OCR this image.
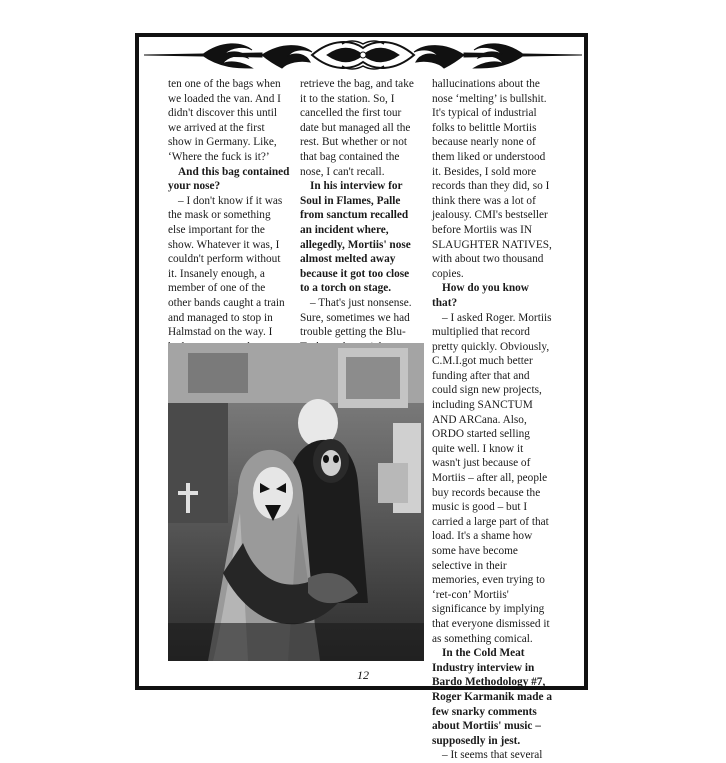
ten one of the bags when we loaded the van. And I didn't discover this until we arrived at the first show in Germany. Like, ‘Where the fuck is it?’

And this bag contained your nose?

– I don't know if it was the mask or something else important for the show. Whatever it was, I couldn't perform without it. Insanely enough, a member of one of the other bands caught a train and managed to stop in Halmstad on the way. I

retrieve the bag, and take it to the station. So, I cancelled the first tour date but managed all the rest. But whether or not that bag contained the nose, I can't recall.

In his interview for Soul in Flames, Palle from sanctum recalled an incident where, allegedly, Mortiis' nose almost melted away because it got too close to a torch on stage.

– That's just nonsense. Sure, sometimes we had trouble getting the Blu-

hallucinations about the nose ‘melting’ is bullshit. It's typical of industrial folks to belittle Mortiis because nearly none of them liked or understood it. Besides, I sold more records than they did, so I think there was a lot of jealousy. CMI's bestseller before Mortiis was IN SLAUGHTER NATIVES, with about two thousand copies.

How do you know that?

– I asked Roger. Mortiis multiplied that record pretty quickly. Obviously, C.M.I.got much better funding after that and could sign new projects, including SANCTUM AND ARCana. Also, ORDO started selling quite well. I know it wasn't just because of Mortiis – after all, people buy records because the music is good – but I carried a large part of that load. It's a shame how some have become selective in their memories, even trying to ‘ret-con’ Mortiis' significance by implying that everyone dismissed it as something comical.

In the Cold Meat Industry interview in Bardo Methodology #7, Roger Karmanik made a few snarky comments about Mortiis' music – supposedly in jest.

– It seems that several

12
